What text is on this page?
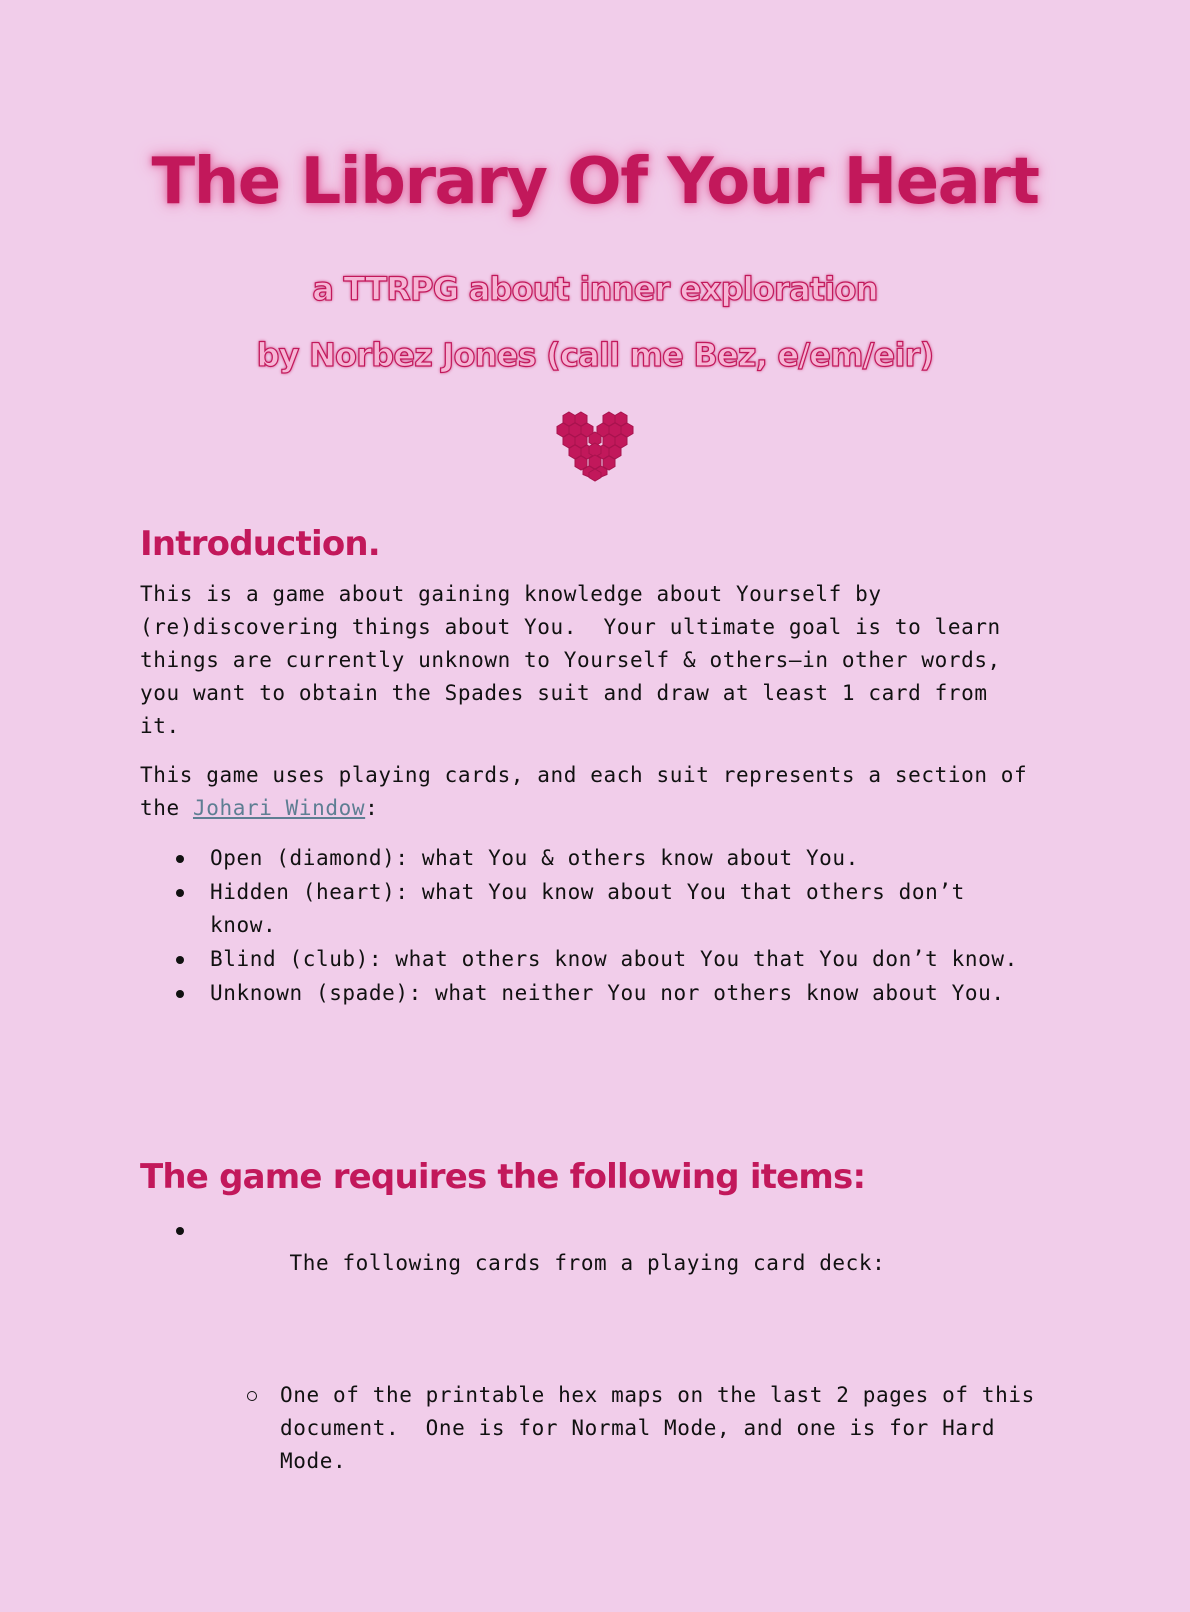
The Library Of Your Heart

a TTRPG about inner exploration

by Norbez Jones (call me Bez, e/em/eir)

Introduction.

This is a game about gaining knowledge about Yourself by (re)discovering things about You.  Your ultimate goal is to learn things are currently unknown to Yourself & others–in other words, you want to obtain the Spades suit and draw at least 1 card from it.

This game uses playing cards, and each suit represents a section of the Johari Window:

Open (diamond): what You & others know about You.
Hidden (heart): what You know about You that others don’t know.
Blind (club): what others know about You that You don’t know.
Unknown (spade): what neither You nor others know about You.
The game requires the following items:

The following cards from a playing card deck:

One of the printable hex maps on the last 2 pages of this document.  One is for Normal Mode, and one is for Hard Mode.
